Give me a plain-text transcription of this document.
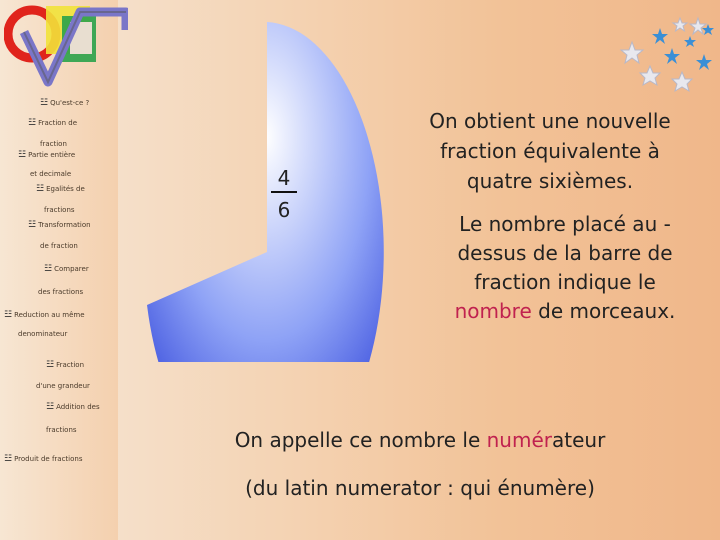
☳ Qu'est-ce ?
☳ Fraction de
fraction
☳ Partie entière
et decimale
☳ Egalités de
fractions
☳ Transformation
de fraction
☳ Comparer
des fractions
☳ Reduction au même
denominateur
☳ Fraction
d'une grandeur
☳ Addition des
fractions
☳ Produit de fractions
4
6
On obtient une nouvelle fraction équivalente à quatre sixièmes.
Le nombre placé au -dessus de la barre de fraction indique le nombre de morceaux.
On appelle ce nombre le numérateur
(du latin numerator : qui énumère)
